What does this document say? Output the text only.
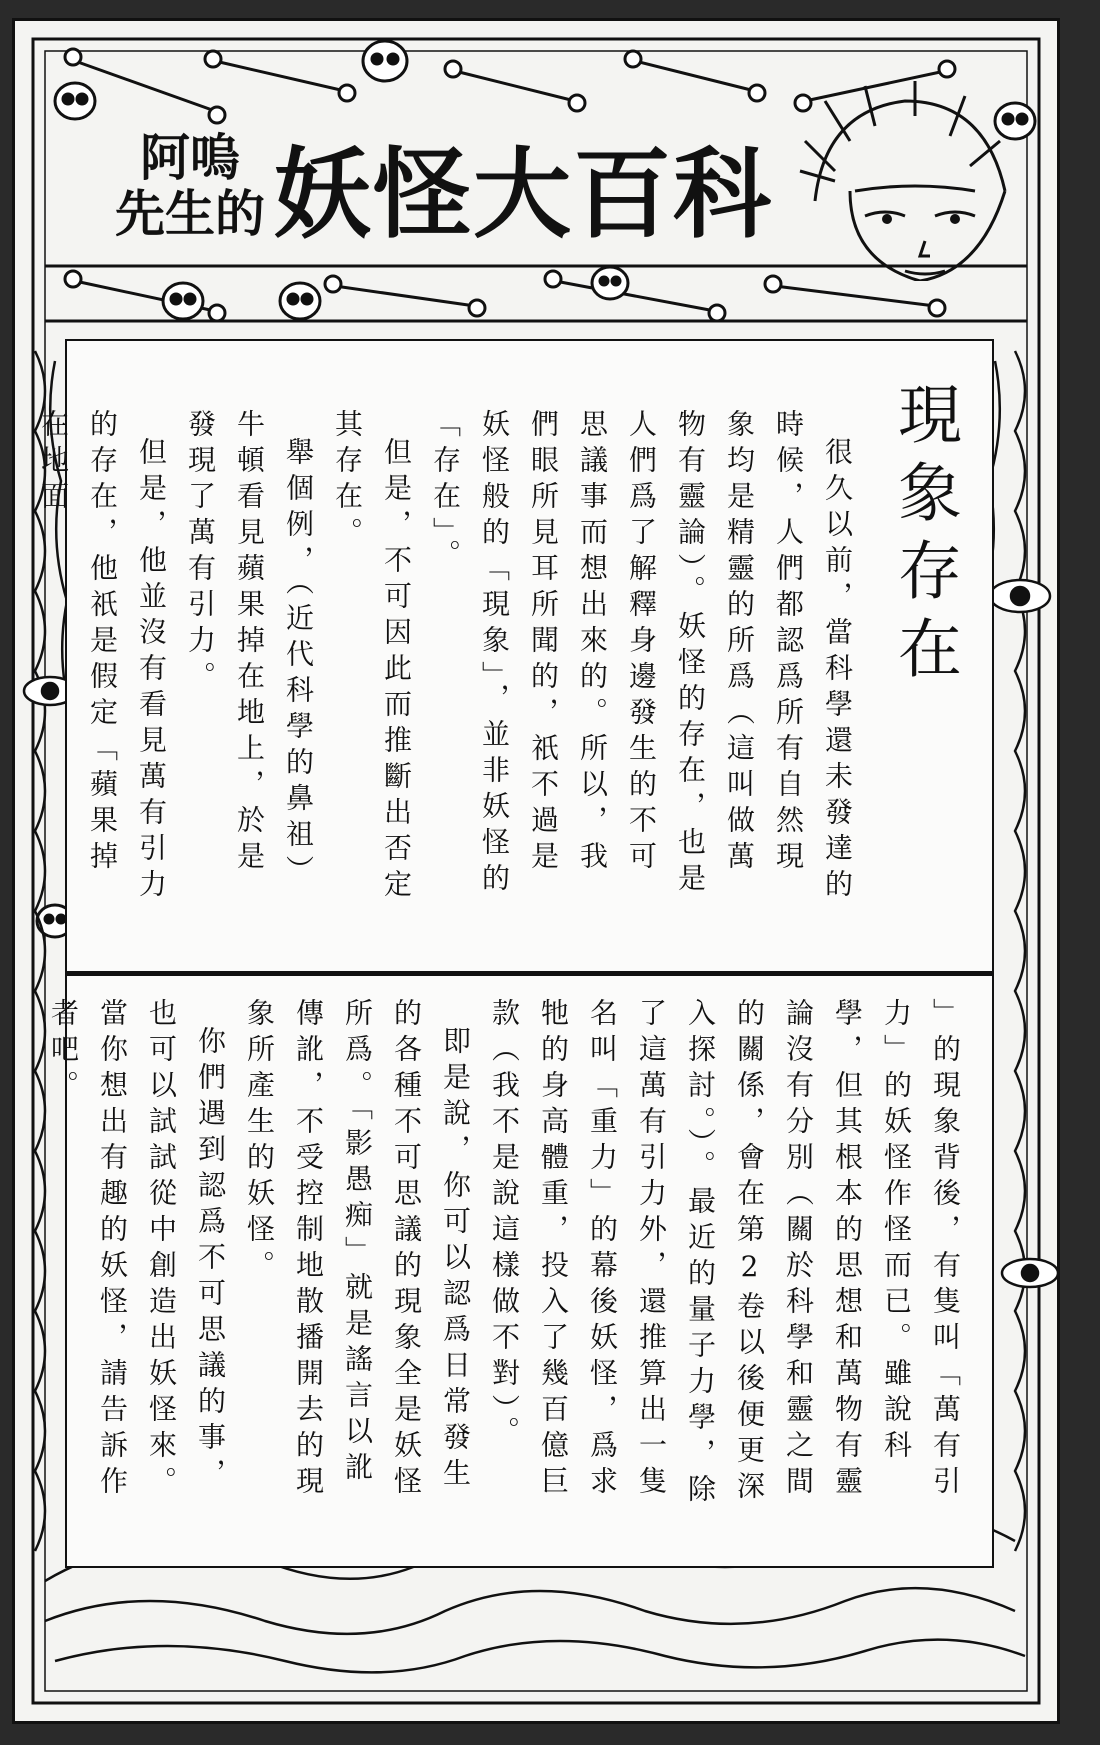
阿嗚
先生的 妖怪大百科
現象存在

很久以前，當科學還未發達的時候，人們都認爲所有自然現象均是精靈的所爲（這叫做萬物有靈論）。妖怪的存在，也是人們爲了解釋身邊發生的不可思議事而想出來的。所以，我們眼所見耳所聞的，祇不過是妖怪般的「現象」，並非妖怪的「存在」。

但是，不可因此而推斷出否定其存在。

舉個例，（近代科學的鼻祖）牛頓看見蘋果掉在地上，於是發現了萬有引力。

但是，他並沒有看見萬有引力的存在，他祇是假定「蘋果掉在地面

」的現象背後，有隻叫「萬有引力」的妖怪作怪而已。雖說科學，但其根本的思想和萬物有靈論沒有分別（關於科學和靈之間的關係，會在第2卷以後便更深入探討。）。最近的量子力學，除了這萬有引力外，還推算出一隻名叫「重力」的幕後妖怪，爲求牠的身高體重，投入了幾百億巨款（我不是說這樣做不對）。

即是說，你可以認爲日常發生的各種不可思議的現象全是妖怪所爲。「影愚痴」就是謠言以訛傳訛，不受控制地散播開去的現象所產生的妖怪。

你們遇到認爲不可思議的事，也可以試試從中創造出妖怪來。當你想出有趣的妖怪，請告訴作者吧。
